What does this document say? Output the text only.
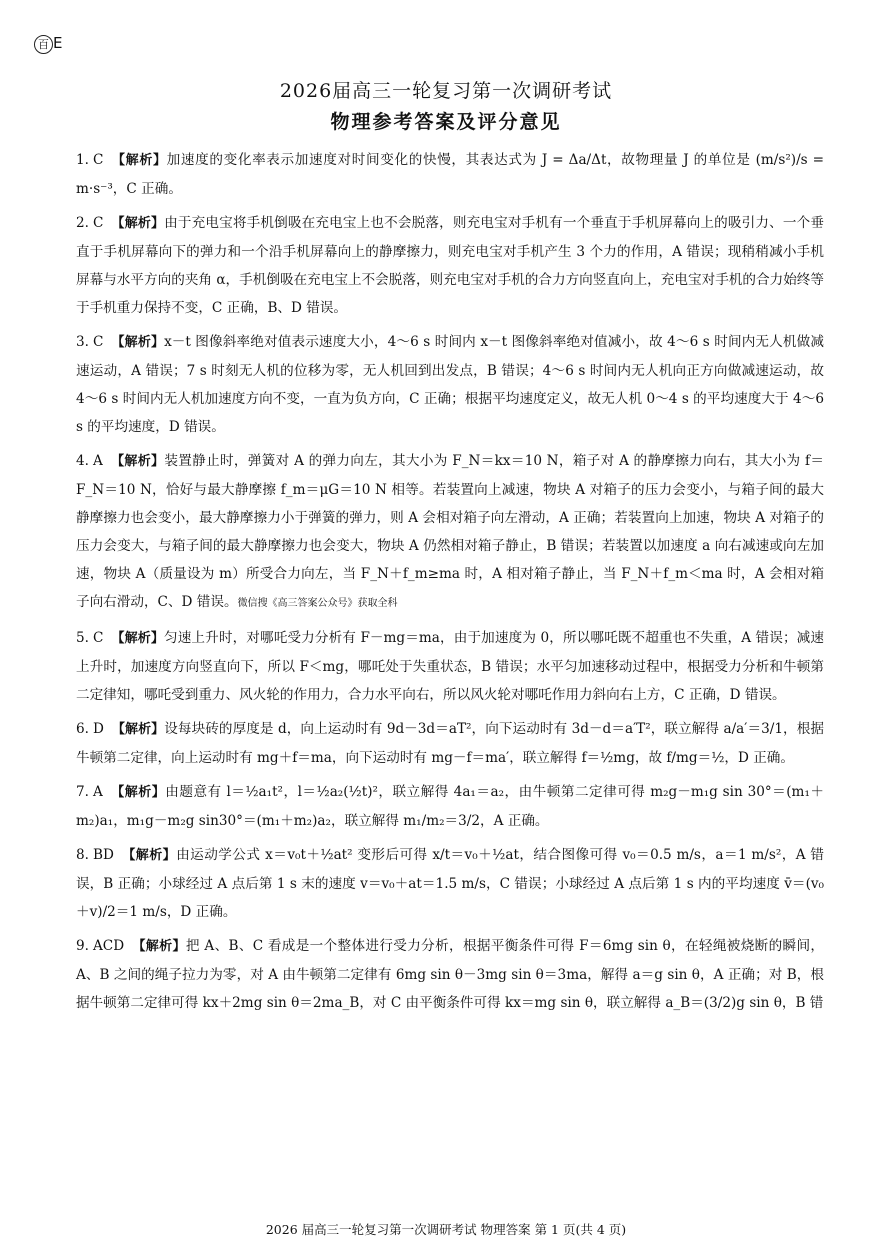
百 E
2026届高三一轮复习第一次调研考试
物理参考答案及评分意见

1. C 【解析】加速度的变化率表示加速度对时间变化的快慢，其表达式为 J = Δa/Δt，故物理量 J 的单位是 (m/s²)/s = m·s⁻³，C 正确。

2. C 【解析】由于充电宝将手机倒吸在充电宝上也不会脱落，则充电宝对手机有一个垂直于手机屏幕向上的吸引力、一个垂直于手机屏幕向下的弹力和一个沿手机屏幕向上的静摩擦力，则充电宝对手机产生 3 个力的作用，A 错误；现稍稍减小手机屏幕与水平方向的夹角 α，手机倒吸在充电宝上不会脱落，则充电宝对手机的合力方向竖直向上，充电宝对手机的合力始终等于手机重力保持不变，C 正确，B、D 错误。

3. C 【解析】x－t 图像斜率绝对值表示速度大小，4～6 s 时间内 x－t 图像斜率绝对值减小，故 4～6 s 时间内无人机做减速运动，A 错误；7 s 时刻无人机的位移为零，无人机回到出发点，B 错误；4～6 s 时间内无人机向正方向做减速运动，故 4～6 s 时间内无人机加速度方向不变，一直为负方向，C 正确；根据平均速度定义，故无人机 0～4 s 的平均速度大于 4～6 s 的平均速度，D 错误。

4. A 【解析】装置静止时，弹簧对 A 的弹力向左，其大小为 F_N＝kx＝10 N，箱子对 A 的静摩擦力向右，其大小为 f＝F_N＝10 N，恰好与最大静摩擦 f_m＝μG＝10 N 相等。若装置向上减速，物块 A 对箱子的压力会变小，与箱子间的最大静摩擦力也会变小，最大静摩擦力小于弹簧的弹力，则 A 会相对箱子向左滑动，A 正确；若装置向上加速，物块 A 对箱子的压力会变大，与箱子间的最大静摩擦力也会变大，物块 A 仍然相对箱子静止，B 错误；若装置以加速度 a 向右减速或向左加速，物块 A（质量设为 m）所受合力向左，当 F_N＋f_m≥ma 时，A 相对箱子静止，当 F_N＋f_m＜ma 时，A 会相对箱子向右滑动，C、D 错误。微信搜《高三答案公众号》获取全科

5. C 【解析】匀速上升时，对哪吒受力分析有 F－mg＝ma，由于加速度为 0，所以哪吒既不超重也不失重，A 错误；减速上升时，加速度方向竖直向下，所以 F＜mg，哪吒处于失重状态，B 错误；水平匀加速移动过程中，根据受力分析和牛顿第二定律知，哪吒受到重力、风火轮的作用力，合力水平向右，所以风火轮对哪吒作用力斜向右上方，C 正确，D 错误。

6. D 【解析】设每块砖的厚度是 d，向上运动时有 9d－3d＝aT²，向下运动时有 3d－d＝a′T²，联立解得 a/a′＝3/1，根据牛顿第二定律，向上运动时有 mg＋f＝ma，向下运动时有 mg－f＝ma′，联立解得 f＝½mg，故 f/mg＝½，D 正确。

7. A 【解析】由题意有 l＝½a₁t²，l＝½a₂(½t)²，联立解得 4a₁＝a₂，由牛顿第二定律可得 m₂g－m₁g sin 30°＝(m₁＋m₂)a₁，m₁g－m₂g sin30°＝(m₁＋m₂)a₂，联立解得 m₁/m₂＝3/2，A 正确。

8. BD 【解析】由运动学公式 x＝v₀t＋½at² 变形后可得 x/t＝v₀＋½at，结合图像可得 v₀＝0.5 m/s，a＝1 m/s²，A 错误，B 正确；小球经过 A 点后第 1 s 末的速度 v＝v₀＋at＝1.5 m/s，C 错误；小球经过 A 点后第 1 s 内的平均速度 v̄＝(v₀＋v)/2＝1 m/s，D 正确。

9. ACD 【解析】把 A、B、C 看成是一个整体进行受力分析，根据平衡条件可得 F＝6mg sin θ，在轻绳被烧断的瞬间，A、B 之间的绳子拉力为零，对 A 由牛顿第二定律有 6mg sin θ－3mg sin θ＝3ma，解得 a＝g sin θ，A 正确；对 B，根据牛顿第二定律可得 kx＋2mg sin θ＝2ma_B，对 C 由平衡条件可得 kx＝mg sin θ，联立解得 a_B＝(3/2)g sin θ，B 错

2026 届高三一轮复习第一次调研考试 物理答案 第 1 页(共 4 页)
